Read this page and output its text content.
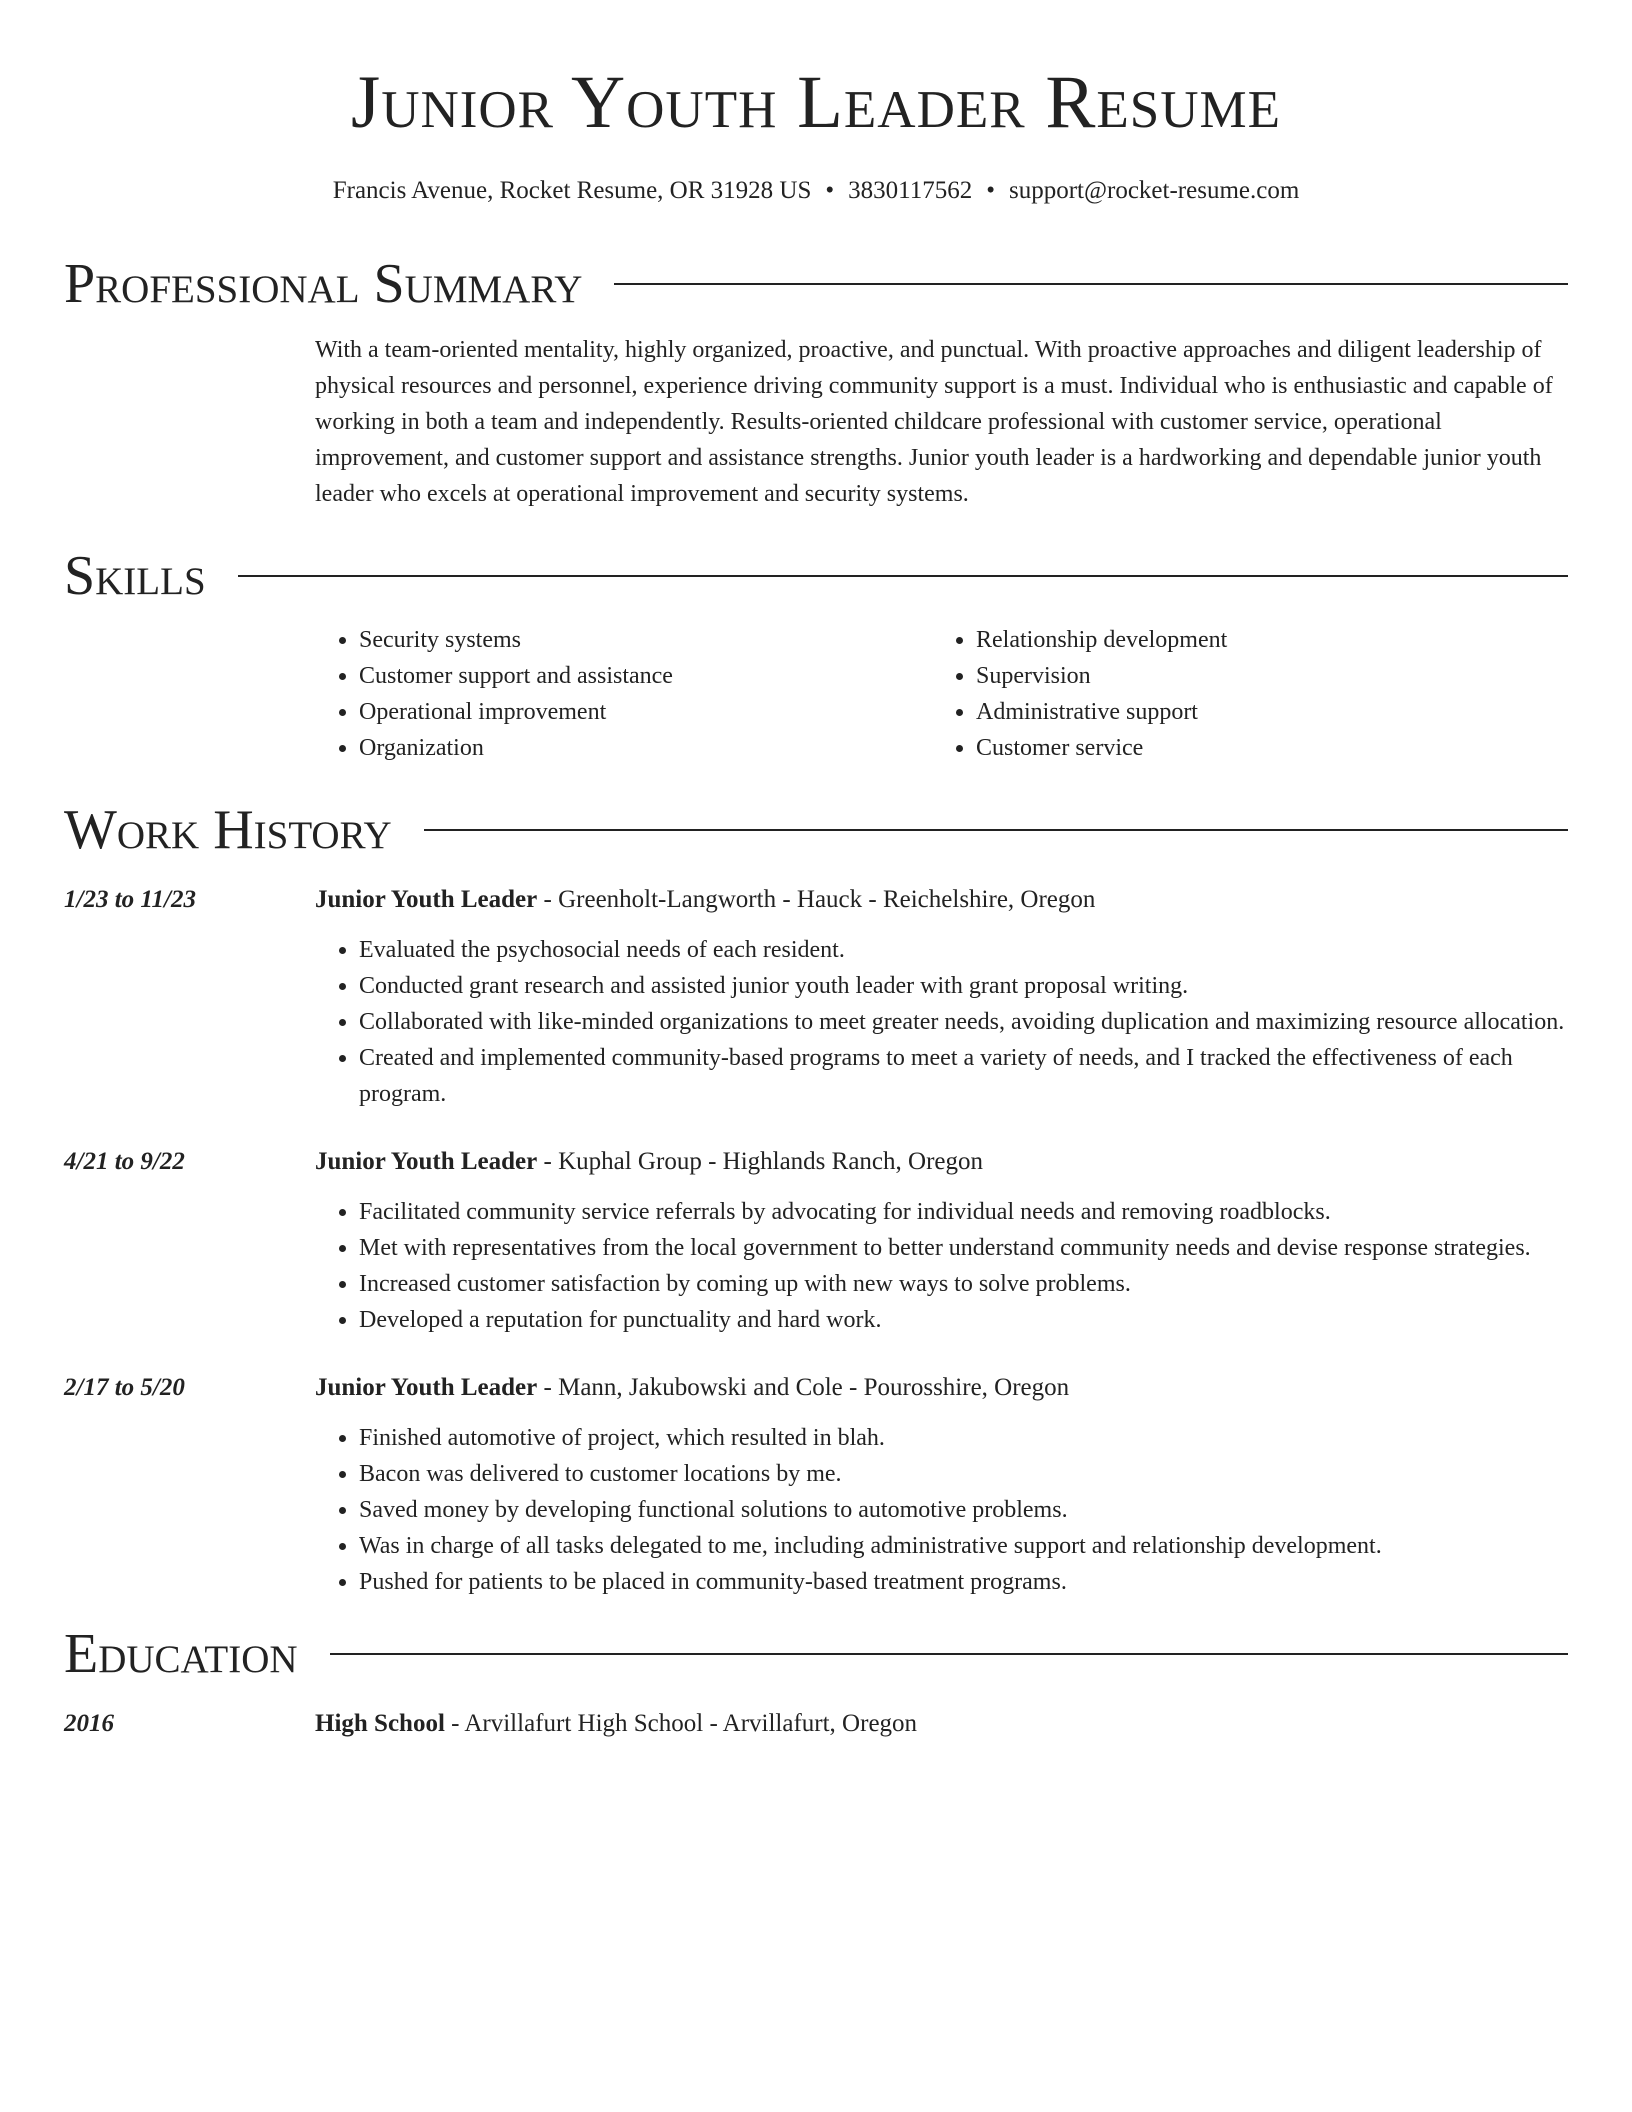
Junior Youth Leader Resume
Francis Avenue, Rocket Resume, OR 31928 US • 3830117562 • support@rocket-resume.com
Professional Summary
With a team-oriented mentality, highly organized, proactive, and punctual. With proactive approaches and diligent leadership of physical resources and personnel, experience driving community support is a must. Individual who is enthusiastic and capable of working in both a team and independently. Results-oriented childcare professional with customer service, operational improvement, and customer support and assistance strengths. Junior youth leader is a hardworking and dependable junior youth leader who excels at operational improvement and security systems.
Skills
• Security systems
• Customer support and assistance
• Operational improvement
• Organization
• Relationship development
• Supervision
• Administrative support
• Customer service
Work History
1/23 to 11/23	Junior Youth Leader - Greenholt-Langworth - Hauck - Reichelshire, Oregon
• Evaluated the psychosocial needs of each resident.
• Conducted grant research and assisted junior youth leader with grant proposal writing.
• Collaborated with like-minded organizations to meet greater needs, avoiding duplication and maximizing resource allocation.
• Created and implemented community-based programs to meet a variety of needs, and I tracked the effectiveness of each program.
4/21 to 9/22	Junior Youth Leader - Kuphal Group - Highlands Ranch, Oregon
• Facilitated community service referrals by advocating for individual needs and removing roadblocks.
• Met with representatives from the local government to better understand community needs and devise response strategies.
• Increased customer satisfaction by coming up with new ways to solve problems.
• Developed a reputation for punctuality and hard work.
2/17 to 5/20	Junior Youth Leader - Mann, Jakubowski and Cole - Pourosshire, Oregon
• Finished automotive of project, which resulted in blah.
• Bacon was delivered to customer locations by me.
• Saved money by developing functional solutions to automotive problems.
• Was in charge of all tasks delegated to me, including administrative support and relationship development.
• Pushed for patients to be placed in community-based treatment programs.
Education
2016	High School - Arvillafurt High School - Arvillafurt, Oregon
